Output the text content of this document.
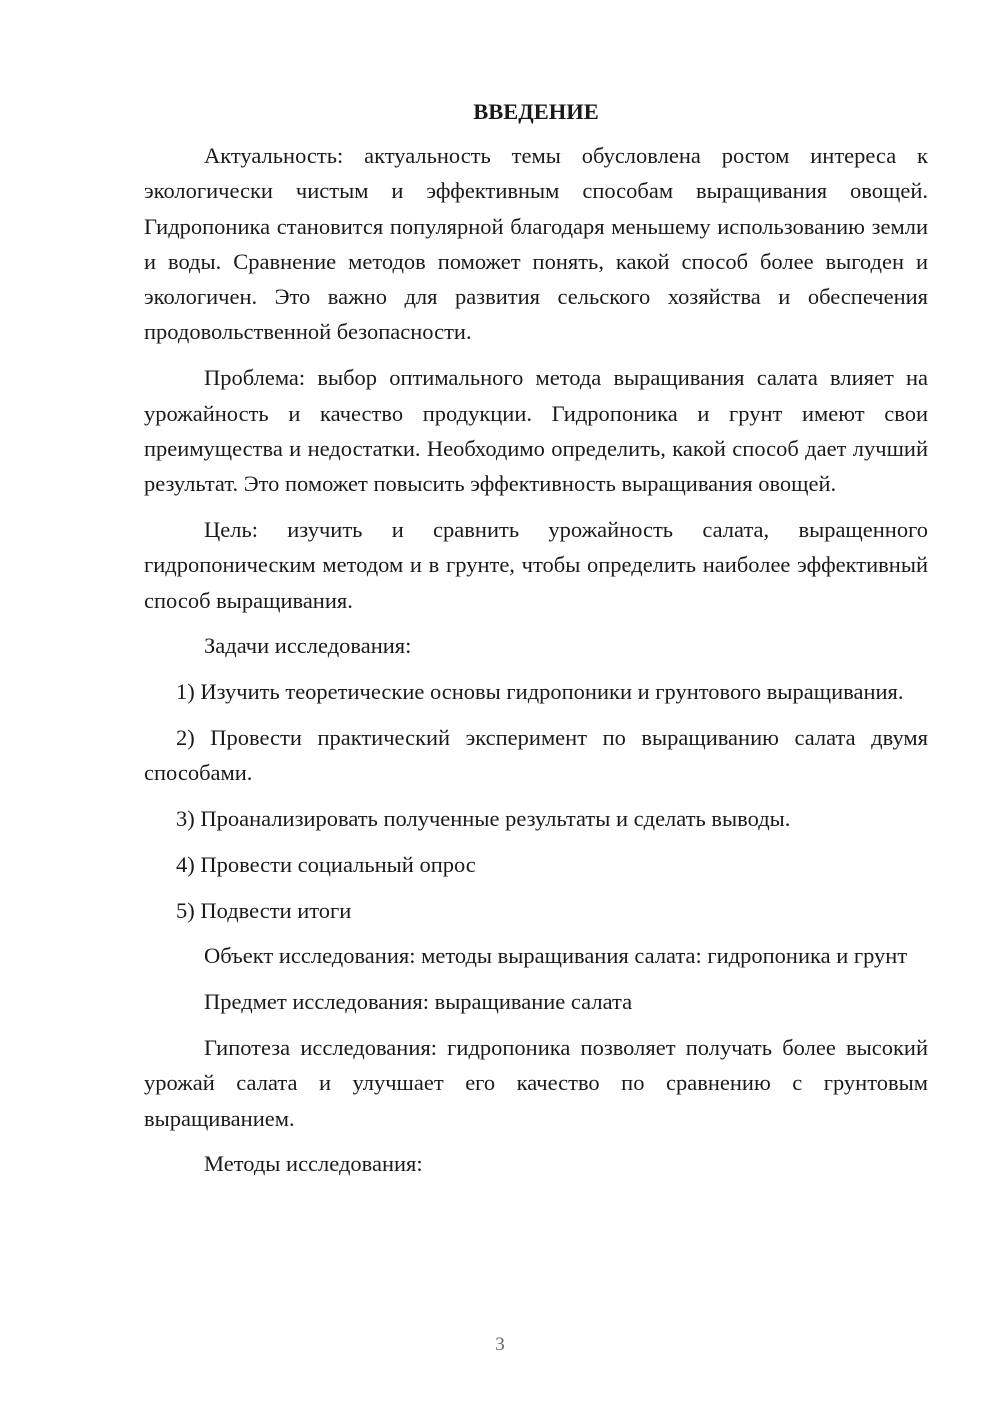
ВВЕДЕНИЕ

Актуальность: актуальность темы обусловлена ростом интереса к экологически чистым и эффективным способам выращивания овощей. Гидропоника становится популярной благодаря меньшему использованию земли и воды. Сравнение методов поможет понять, какой способ более выгоден и экологичен. Это важно для развития сельского хозяйства и обеспечения продовольственной безопасности.

Проблема: выбор оптимального метода выращивания салата влияет на урожайность и качество продукции. Гидропоника и грунт имеют свои преимущества и недостатки. Необходимо определить, какой способ дает лучший результат. Это поможет повысить эффективность выращивания овощей.

Цель: изучить и сравнить урожайность салата, выращенного гидропоническим методом и в грунте, чтобы определить наиболее эффективный способ выращивания.

Задачи исследования:

1) Изучить теоретические основы гидропоники и грунтового выращивания.

2) Провести практический эксперимент по выращиванию салата двумя способами.

3) Проанализировать полученные результаты и сделать выводы.

4) Провести социальный опрос

5) Подвести итоги

Объект исследования: методы выращивания салата: гидропоника и грунт

Предмет исследования: выращивание салата

Гипотеза исследования: гидропоника позволяет получать более высокий урожай салата и улучшает его качество по сравнению с грунтовым выращиванием.

Методы исследования:

3
